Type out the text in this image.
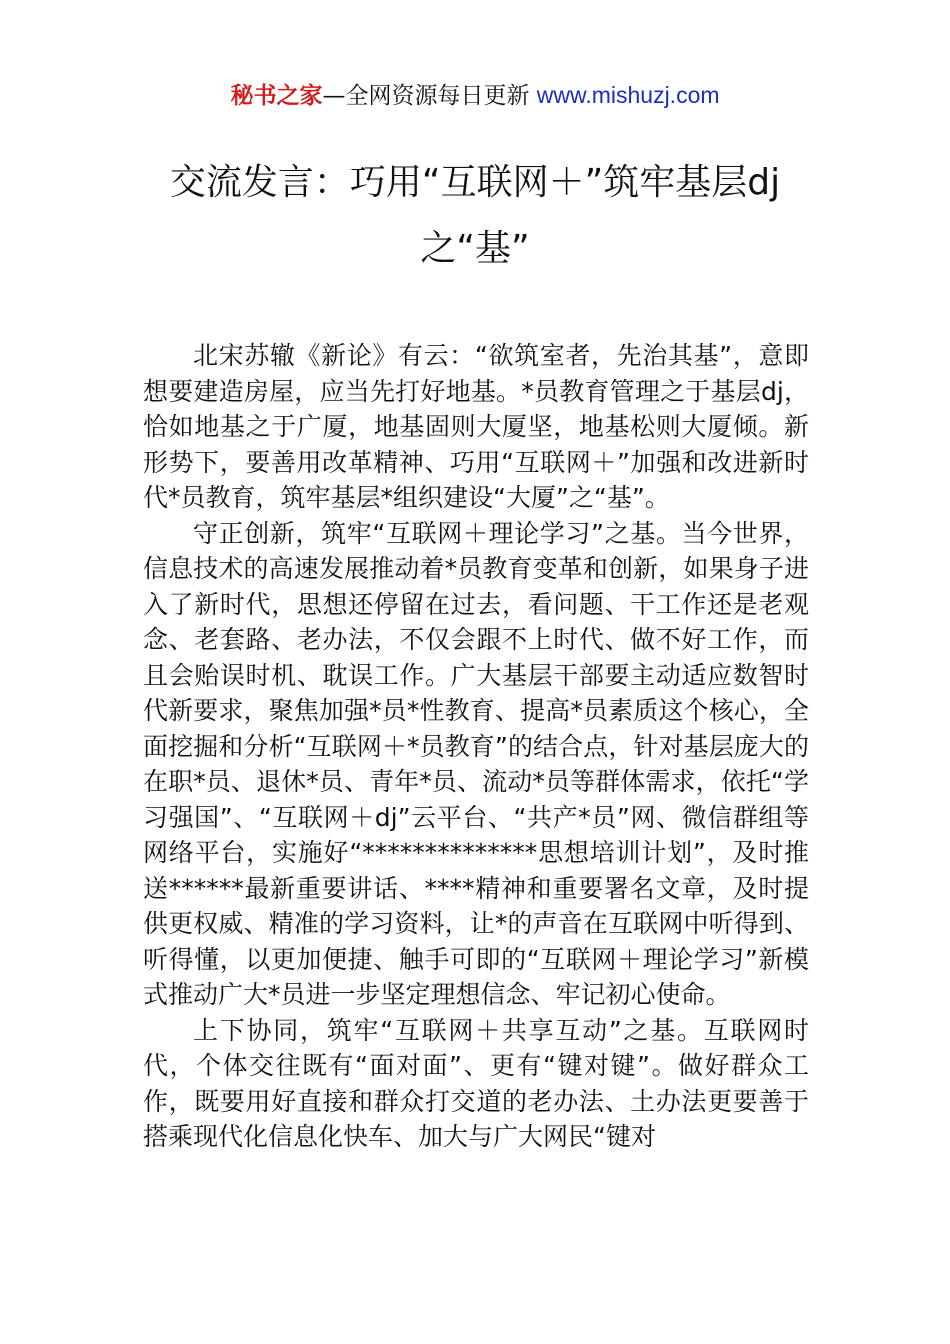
秘书之家—全网资源每日更新 www.mishuzj.com
交流发言：巧用“互联网＋”筑牢基层dj
之“基”

北宋苏辙《新论》有云：“欲筑室者，先治其基”，意即想要建造房屋，应当先打好地基。*员教育管理之于基层dj，恰如地基之于广厦，地基固则大厦坚，地基松则大厦倾。新形势下，要善用改革精神、巧用“互联网＋”加强和改进新时代*员教育，筑牢基层*组织建设“大厦”之“基”。

守正创新，筑牢“互联网＋理论学习”之基。当今世界，信息技术的高速发展推动着*员教育变革和创新，如果身子进入了新时代，思想还停留在过去，看问题、干工作还是老观念、老套路、老办法，不仅会跟不上时代、做不好工作，而且会贻误时机、耽误工作。广大基层干部要主动适应数智时代新要求，聚焦加强*员*性教育、提高*员素质这个核心，全面挖掘和分析“互联网＋*员教育”的结合点，针对基层庞大的在职*员、退休*员、青年*员、流动*员等群体需求，依托“学习强国”、“互联网＋dj”云平台、“共产*员”网、微信群组等网络平台，实施好“**************思想培训计划”，及时推送******最新重要讲话、****精神和重要署名文章，及时提供更权威、精准的学习资料，让*的声音在互联网中听得到、听得懂，以更加便捷、触手可即的“互联网＋理论学习”新模式推动广大*员进一步坚定理想信念、牢记初心使命。

上下协同，筑牢“互联网＋共享互动”之基。互联网时代，个体交往既有“面对面”、更有“键对键”。做好群众工作，既要用好直接和群众打交道的老办法、土办法更要善于搭乘现代化信息化快车、加大与广大网民“键对
